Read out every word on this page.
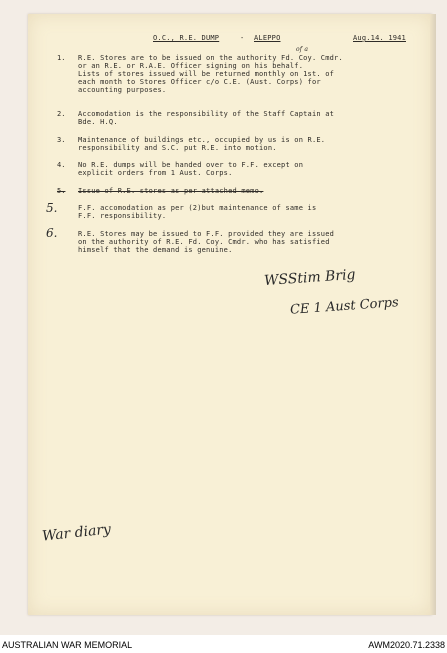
O.C., R.E. DUMP	- ALEPPO	Aug.14. 1941
of a
1. R.E. Stores are to be issued on the authority Fd. Coy. Cmdr.
or an R.E. or R.A.E. Officer signing on his behalf.
Lists of stores issued will be returned monthly on 1st. of
each month to Stores Officer c/o C.E. (Aust. Corps) for
accounting purposes.
2. Accomodation is the responsibility of the Staff Captain at
Bde. H.Q.
3. Maintenance of buildings etc., occupied by us is on R.E.
responsibility and S.C. put R.E. into motion.
4. No R.E. dumps will be handed over to F.F. except on
explicit orders from 1 Aust. Corps.
5. Issue of R.E. stores as per attached memo.
5.	F.F. accomodation as per (2)but maintenance of same is
F.F. responsibility.
6.	R.E. Stores may be issued to F.F. provided they are issued
on the authority of R.E. Fd. Coy. Cmdr. who has satisfied
himself that the demand is genuine.
WSStim Brig
CE 1 Aust Corps
War diary
AUSTRALIAN WAR MEMORIAL	AWM2020.71.2338
